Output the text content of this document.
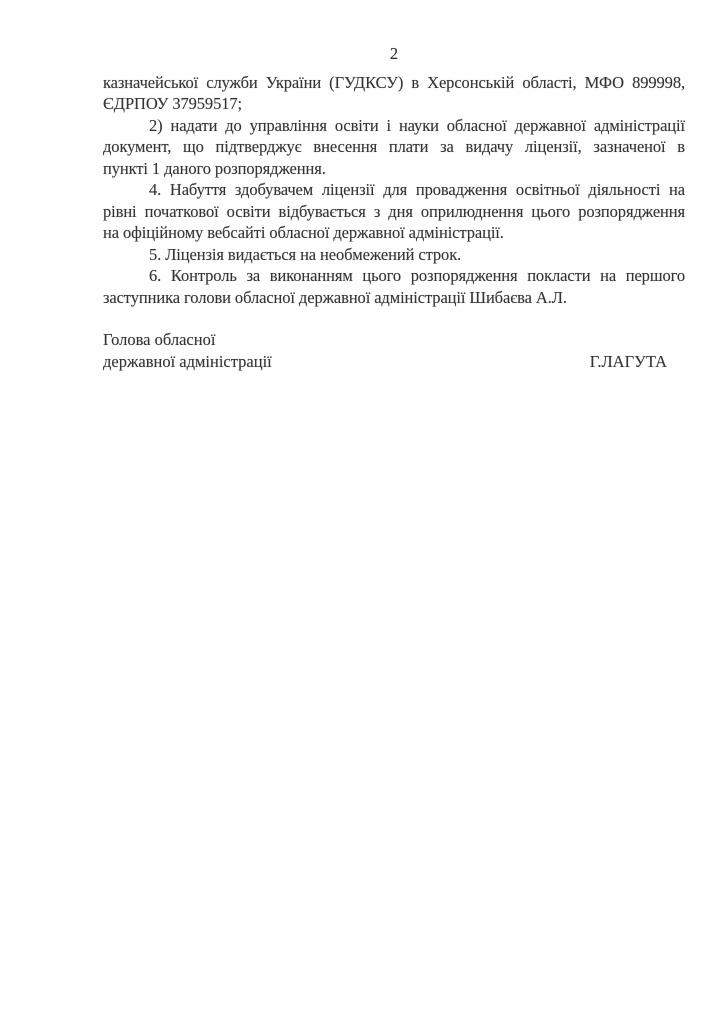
2
казначейської служби України (ГУДКСУ) в Херсонській області, МФО 899998,
ЄДРПОУ 37959517;
2) надати до управління освіти і науки обласної державної адміністрації
документ, що підтверджує внесення плати за видачу ліцензії, зазначеної в
пункті 1 даного розпорядження.
4. Набуття здобувачем ліцензії для провадження освітньої діяльності на
рівні початкової освіти відбувається з дня оприлюднення цього розпорядження
на офіційному вебсайті обласної державної адміністрації.
5. Ліцензія видається на необмежений строк.
6. Контроль за виконанням цього розпорядження покласти на першого
заступника голови обласної державної адміністрації Шибаєва А.Л.
Голова обласної
державної адміністрації	Г.ЛАГУТА
